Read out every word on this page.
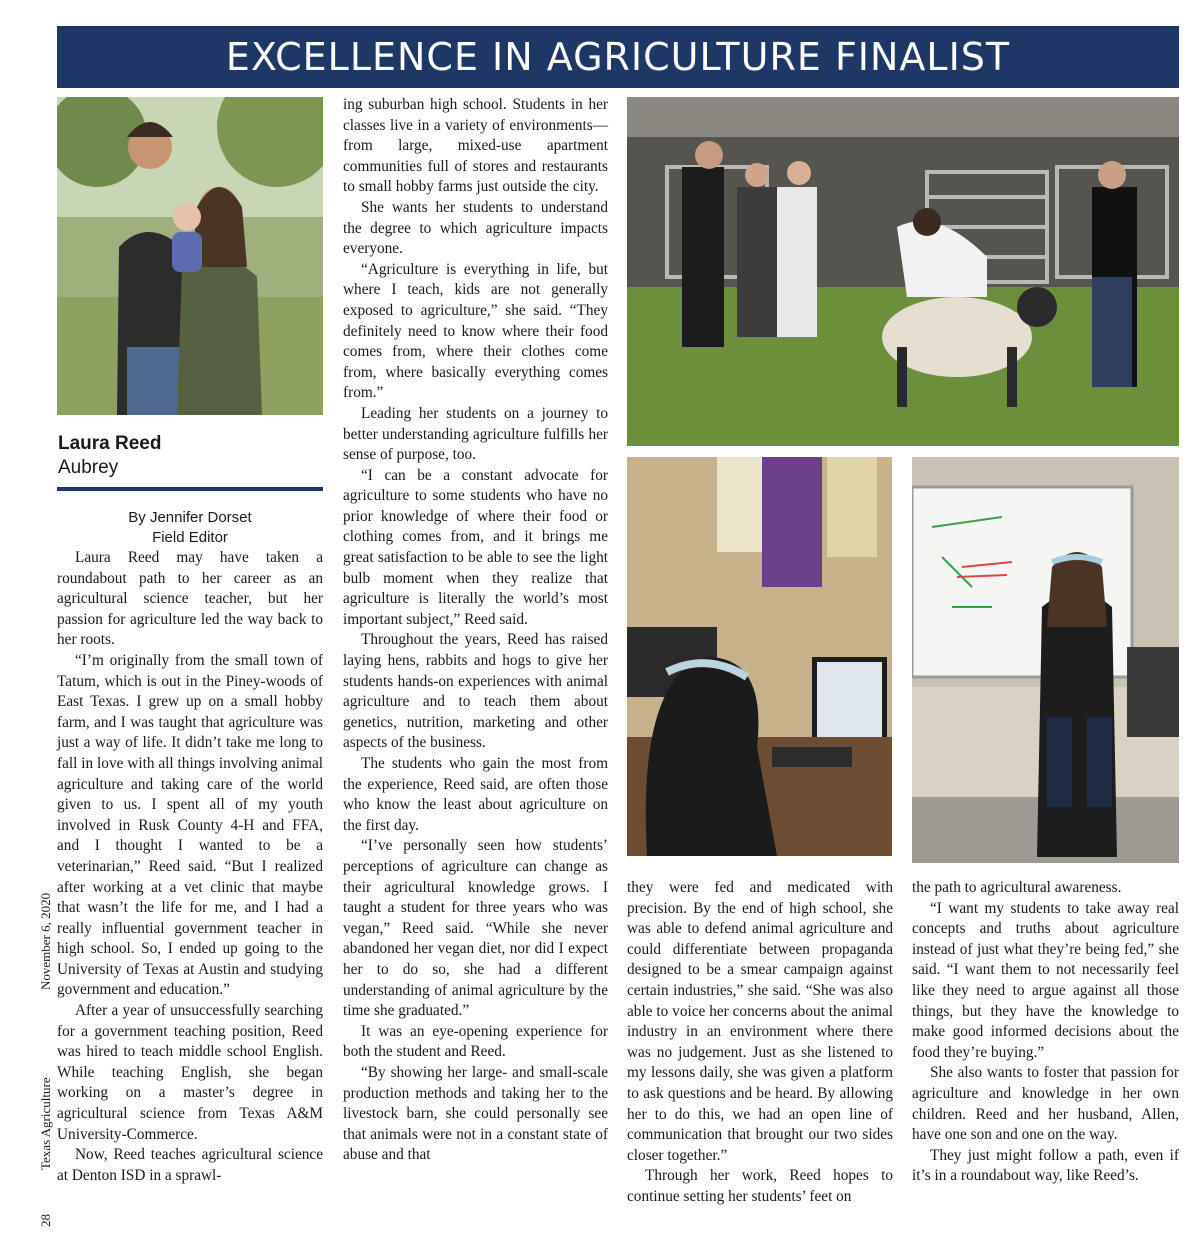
EXCELLENCE IN AGRICULTURE FINALIST
Laura Reed
Aubrey
By Jennifer Dorset
Field Editor

Laura Reed may have taken a roundabout path to her career as an agricultural science teacher, but her passion for agriculture led the way back to her roots.

“I’m originally from the small town of Tatum, which is out in the Piney-woods of East Texas. I grew up on a small hobby farm, and I was taught that agriculture was just a way of life. It didn’t take me long to fall in love with all things involving animal agriculture and taking care of the world given to us. I spent all of my youth involved in Rusk County 4-H and FFA, and I thought I wanted to be a veterinarian,” Reed said. “But I realized after working at a vet clinic that maybe that wasn’t the life for me, and I had a really influential government teacher in high school. So, I ended up going to the University of Texas at Austin and studying government and education.”

After a year of unsuccessfully searching for a government teaching position, Reed was hired to teach middle school English. While teaching English, she began working on a master’s degree in agricultural science from Texas A&M University-Commerce.

Now, Reed teaches agricultural science at Denton ISD in a sprawl-

ing suburban high school. Students in her classes live in a variety of environments—from large, mixed-use apartment communities full of stores and restaurants to small hobby farms just outside the city.

She wants her students to understand the degree to which agriculture impacts everyone.

“Agriculture is everything in life, but where I teach, kids are not generally exposed to agriculture,” she said. “They definitely need to know where their food comes from, where their clothes come from, where basically everything comes from.”

Leading her students on a journey to better understanding agriculture fulfills her sense of purpose, too.

“I can be a constant advocate for agriculture to some students who have no prior knowledge of where their food or clothing comes from, and it brings me great satisfaction to be able to see the light bulb moment when they realize that agriculture is literally the world’s most important subject,” Reed said.

Throughout the years, Reed has raised laying hens, rabbits and hogs to give her students hands-on experiences with animal agriculture and to teach them about genetics, nutrition, marketing and other aspects of the business.

The students who gain the most from the experience, Reed said, are often those who know the least about agriculture on the first day.

“I’ve personally seen how students’ perceptions of agriculture can change as their agricultural knowledge grows. I taught a student for three years who was vegan,” Reed said. “While she never abandoned her vegan diet, nor did I expect her to do so, she had a different understanding of animal agriculture by the time she graduated.”

It was an eye-opening experience for both the student and Reed.

“By showing her large- and small-scale production methods and taking her to the livestock barn, she could personally see that animals were not in a constant state of abuse and that

they were fed and medicated with precision. By the end of high school, she was able to defend animal agriculture and could differentiate between propaganda designed to be a smear campaign against certain industries,” she said. “She was also able to voice her concerns about the animal industry in an environment where there was no judgement. Just as she listened to my lessons daily, she was given a platform to ask questions and be heard. By allowing her to do this, we had an open line of communication that brought our two sides closer together.”

Through her work, Reed hopes to continue setting her students’ feet on

the path to agricultural awareness.

“I want my students to take away real concepts and truths about agriculture instead of just what they’re being fed,” she said. “I want them to not necessarily feel like they need to argue against all those things, but they have the knowledge to make good informed decisions about the food they’re buying.”

She also wants to foster that passion for agriculture and knowledge in her own children. Reed and her husband, Allen, have one son and one on the way.

They just might follow a path, even if it’s in a roundabout way, like Reed’s.

November 6, 2020
Texas Agriculture
28
